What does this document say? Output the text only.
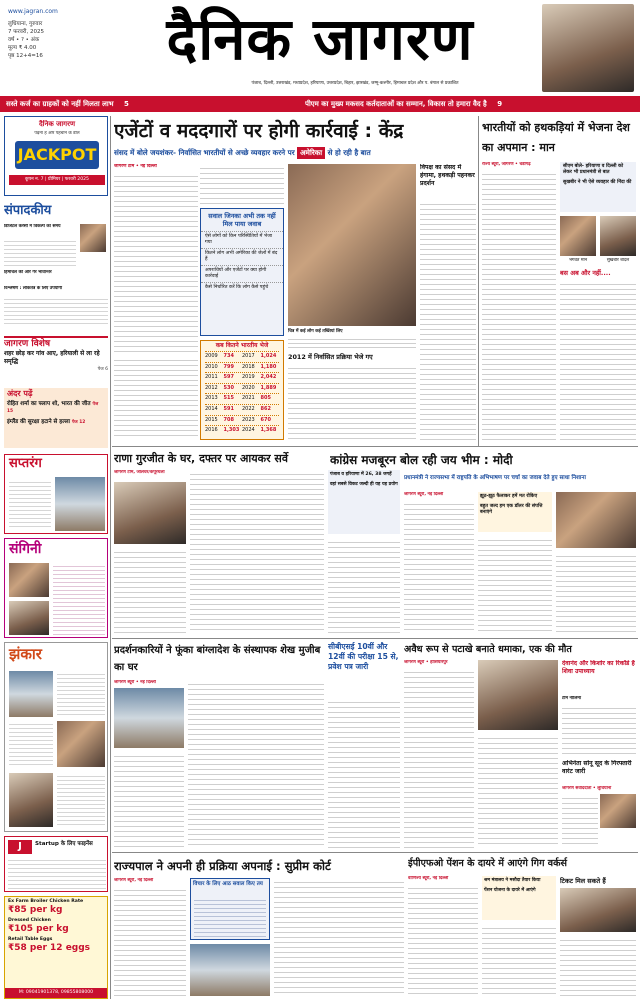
www.jagran.com
लुधियाना, गुरुवार
7 फरवरी, 2025
वर्ष • ? • अंक
मूल्य ₹ 4.00
पृष्ठ 12+4=16	दैनिक जागरण
पंजाब, दिल्ली, उत्तराखंड, मध्यप्रदेश, हरियाणा, उत्तरप्रदेश, बिहार, झारखंड, जम्मू-कश्मीर, हिमाचल प्रदेश और प. बंगाल से प्रकाशित
सस्ते कर्ज का ग्राहकों को नहीं मिलता लाभ 5	पीएम का मुख्य मकसद कर्तदाताओं का सम्मान, विकास तो हमारा वैद है 9
दैनिक जागरण
पढ़ना है और पहचान के डील
JACKPOT
कूपन न. 7 | प्रीमियर | फरवरी 2025
संपादकीय
डिजिटल करंसी में विकल्प का समय
हिमाचल की ओर गैर भावान्तर
विश्लेषण : लोकतंत्र के लिए उपयोगी
जागरण विशेष
शहर छोड़ कर गांव आए, हरियाली से ला रहे समृद्धि
पेज 6
अंदर पढ़ें
रोहित शर्मा का फ्लाप शो, भारत की जीत पेज 15
इंग्लैंड की सुरक्षा हटाने से हल्ला पेज 12
सप्तरंग
संगिनी
झंकार
J	Startup के लिए फाइनेंस
Ex Farm Broiler Chicken Rate
₹85 per kg
Dressed Chicken
₹105 per kg
Retail Table Eggs
₹58 per 12 eggs
M: 09041901378, 09855808000
एजेंटों व मददगारों पर होगी कार्रवाई : केंद्र
संसद में बोले जयशंकर- निर्वासित भारतीयों से अच्छे व्यवहार करने पर अमेरिका से हो रही है बात
जागरण टीम • नई दिल्ली
सवाल जिनका अभी तक नहीं मिल पाया जवाब
ऐसे लोगों को किन परिस्थितियों में भेजा गया
कितने लोग अभी अमेरिका की जेलों में बंद हैं
अपराधियों और एजेंटों पर क्या होगी कार्रवाई
कैसे निर्धारित करें कि लोग कैसे पहुंचे
कब कितने भारतीय भेजे
2009	734	2017	1,024
2010	799	2018	1,180
2011	597	2019	2,042
2012	530	2020	1,889
2013	515	2021	805
2014	591	2022	862
2015	708	2023	670
2016	1,303 2024	1,368
चित्र में कई लोग कई तख्तियां लिए
विपक्ष का संसद में हंगामा, हथकड़ी पहनकर प्रदर्शन
2012 में निर्वासित प्रक्रिया भेजे गए
भारतीयों को हथकड़ियां में भेजना देश का अपमान : मान
राज्य ब्यूरो, जागरण • चंडीगढ़	सीएम बोले- हरियाणा व दिल्ली को लेकर भी प्रधानमंत्री से बात
सुखबीर ने भी ऐसे व्यवहार की निंदा की
भगवंत मान	सुखबीर बादल
बस अब और नहीं....
राणा गुरजीत के घर, दफ्तर पर आयकर सर्वे
जागरण टीम, जालंधर/कपूरथला	पंजाब व हरियाणा में 26, 38 जगहें
वहां सबसे विकट जल्दी ही यह यह प्रयोग
कांग्रेस मजबूरन बोल रही जय भीम : मोदी
प्रधानमंत्री ने राज्यसभा में राष्ट्रपति के अभिभाषण पर चर्चा का जवाब देते हुए साधा निशाना
जागरण ब्यूरो, नई दिल्ली	झूठ-झूठ फैलाकर हमें मत रोकिए
बहुत जल्द हम एक डॉलर की संपत्ति बनाएंगे
प्रदर्शनकारियों ने फूंका बांग्लादेश के संस्थापक शेख मुजीब का घर
जागरण ब्यूरो • नई दिल्ली
सीबीएसई 10वीं और 12वीं की परीक्षा 15 से, प्रवेश पत्र जारी
अवैध रूप से पटाखे बनाते धमाका, एक की मौत
जागरण ब्यूरो • होशियारपुर	देवानंद और किशोर का रिकॉर्ड है शिवा उपाध्याय
टीम नीलिमा
अभिनेता सोनू सूद के गिरफ्तारी वारंट जारी
जागरण संवाददाता • लुधियाना
राज्यपाल ने अपनी ही प्रक्रिया अपनाई : सुप्रीम कोर्ट
जागरण ब्यूरो, नई दिल्ली
विचार के लिए आठ सवाल किए तय
ईपीएफओ पेंशन के दायरे में आएंगे गिग वर्कर्स
वाणिज्य ब्यूरो, नई दिल्ली	श्रम मंत्रालय ने मसौदा तैयार किया
पेंशन योजना के दायरे में आएंगे
टिकट मिल सकते हैं
